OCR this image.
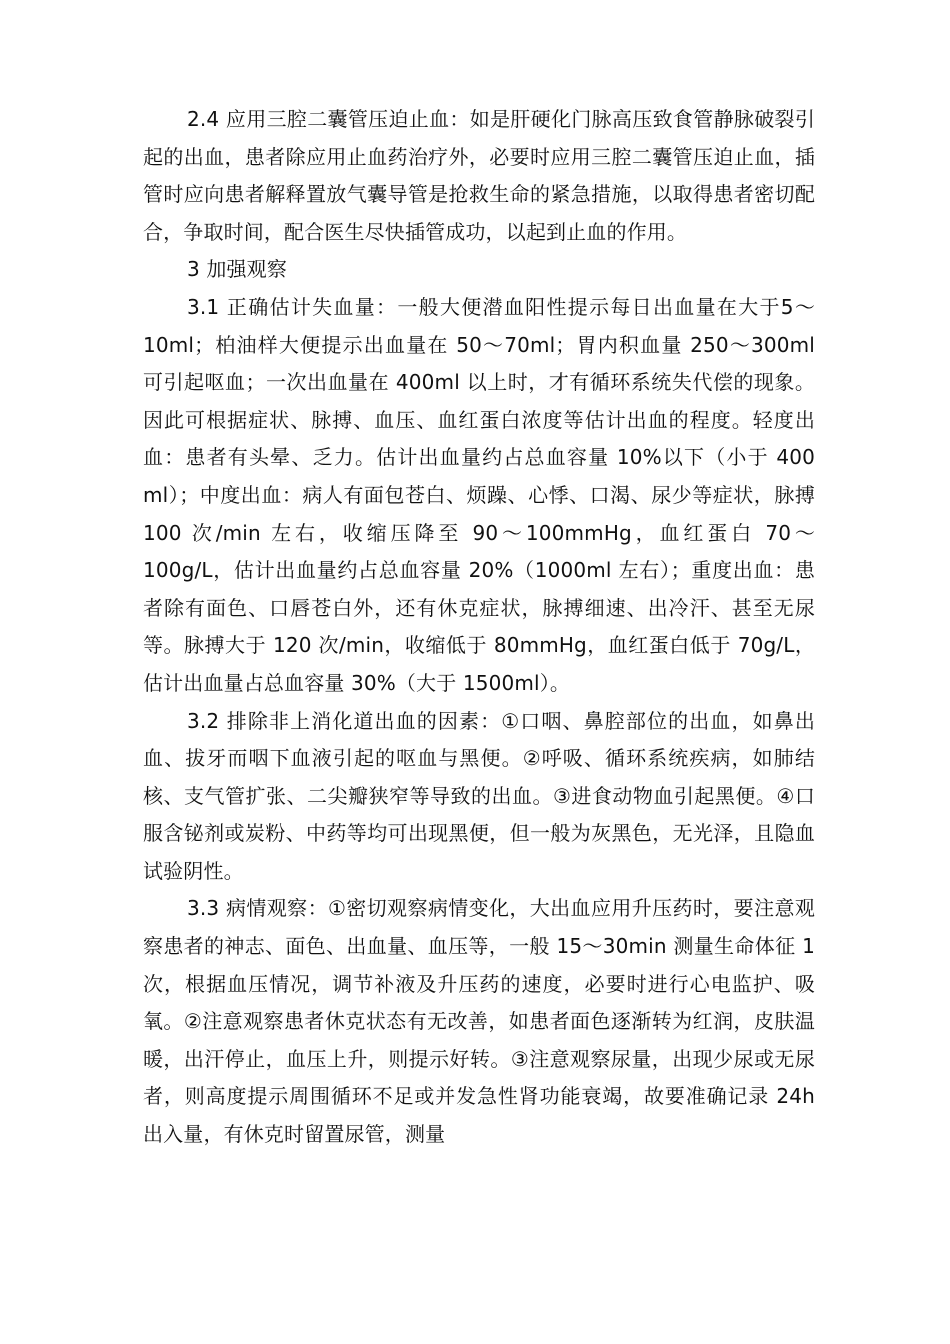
2.4 应用三腔二囊管压迫止血：如是肝硬化门脉高压致食管静脉破裂引起的出血，患者除应用止血药治疗外，必要时应用三腔二囊管压迫止血，插管时应向患者解释置放气囊导管是抢救生命的紧急措施，以取得患者密切配合，争取时间，配合医生尽快插管成功，以起到止血的作用。

3 加强观察

3.1 正确估计失血量：一般大便潜血阳性提示每日出血量在大于5～10ml；柏油样大便提示出血量在 50～70ml；胃内积血量 250～300ml 可引起呕血；一次出血量在 400ml 以上时，才有循环系统失代偿的现象。因此可根据症状、脉搏、血压、血红蛋白浓度等估计出血的程度。轻度出血：患者有头晕、乏力。估计出血量约占总血容量 10%以下（小于 400 ml）；中度出血：病人有面包苍白、烦躁、心悸、口渴、尿少等症状，脉搏 100 次/min 左右，收缩压降至 90～100mmHg，血红蛋白 70～100g/L，估计出血量约占总血容量 20%（1000ml 左右）；重度出血：患者除有面色、口唇苍白外，还有休克症状，脉搏细速、出冷汗、甚至无尿等。脉搏大于 120 次/min，收缩低于 80mmHg，血红蛋白低于 70g/L，估计出血量占总血容量 30%（大于 1500ml）。

3.2 排除非上消化道出血的因素：①口咽、鼻腔部位的出血，如鼻出血、拔牙而咽下血液引起的呕血与黑便。②呼吸、循环系统疾病，如肺结核、支气管扩张、二尖瓣狭窄等导致的出血。③进食动物血引起黑便。④口服含铋剂或炭粉、中药等均可出现黑便，但一般为灰黑色，无光泽，且隐血试验阴性。

3.3 病情观察：①密切观察病情变化，大出血应用升压药时，要注意观察患者的神志、面色、出血量、血压等，一般 15～30min 测量生命体征 1 次，根据血压情况，调节补液及升压药的速度，必要时进行心电监护、吸氧。②注意观察患者休克状态有无改善，如患者面色逐渐转为红润，皮肤温暖，出汗停止，血压上升，则提示好转。③注意观察尿量，出现少尿或无尿者，则高度提示周围循环不足或并发急性肾功能衰竭，故要准确记录 24h 出入量，有休克时留置尿管，测量
